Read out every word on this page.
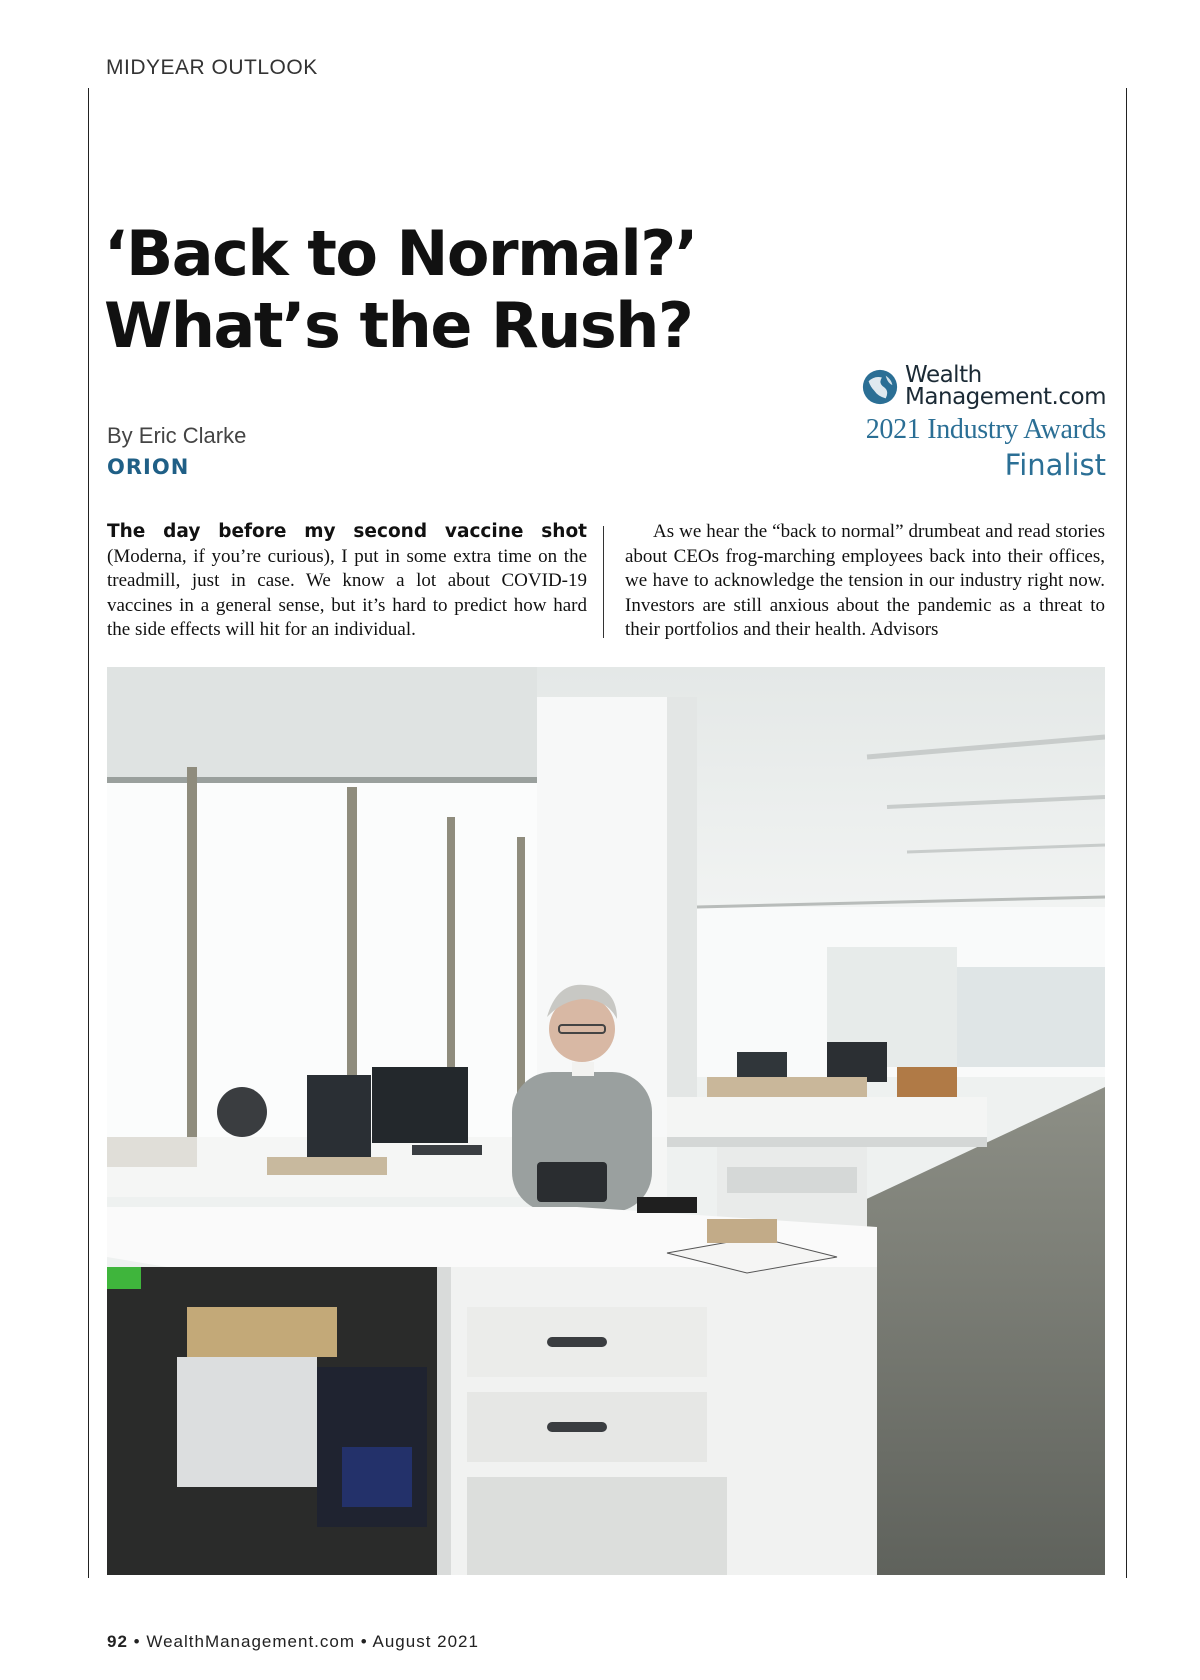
MIDYEAR OUTLOOK
‘Back to Normal?’
What’s the Rush?
By Eric Clarke
ORION
Wealth
Management.com
2021 Industry Awards
Finalist
The day before my second vaccine shot (Moderna, if you’re curious), I put in some extra time on the treadmill, just in case. We know a lot about COVID-19 vaccines in a general sense, but it’s hard to predict how hard the side effects will hit for an individual.
As we hear the “back to normal” drumbeat and read stories about CEOs frog-marching employees back into their offices, we have to acknowledge the tension in our industry right now. Investors are still anxious about the pandemic as a threat to their portfolios and their health. Advisors
92 • WealthManagement.com • August 2021
